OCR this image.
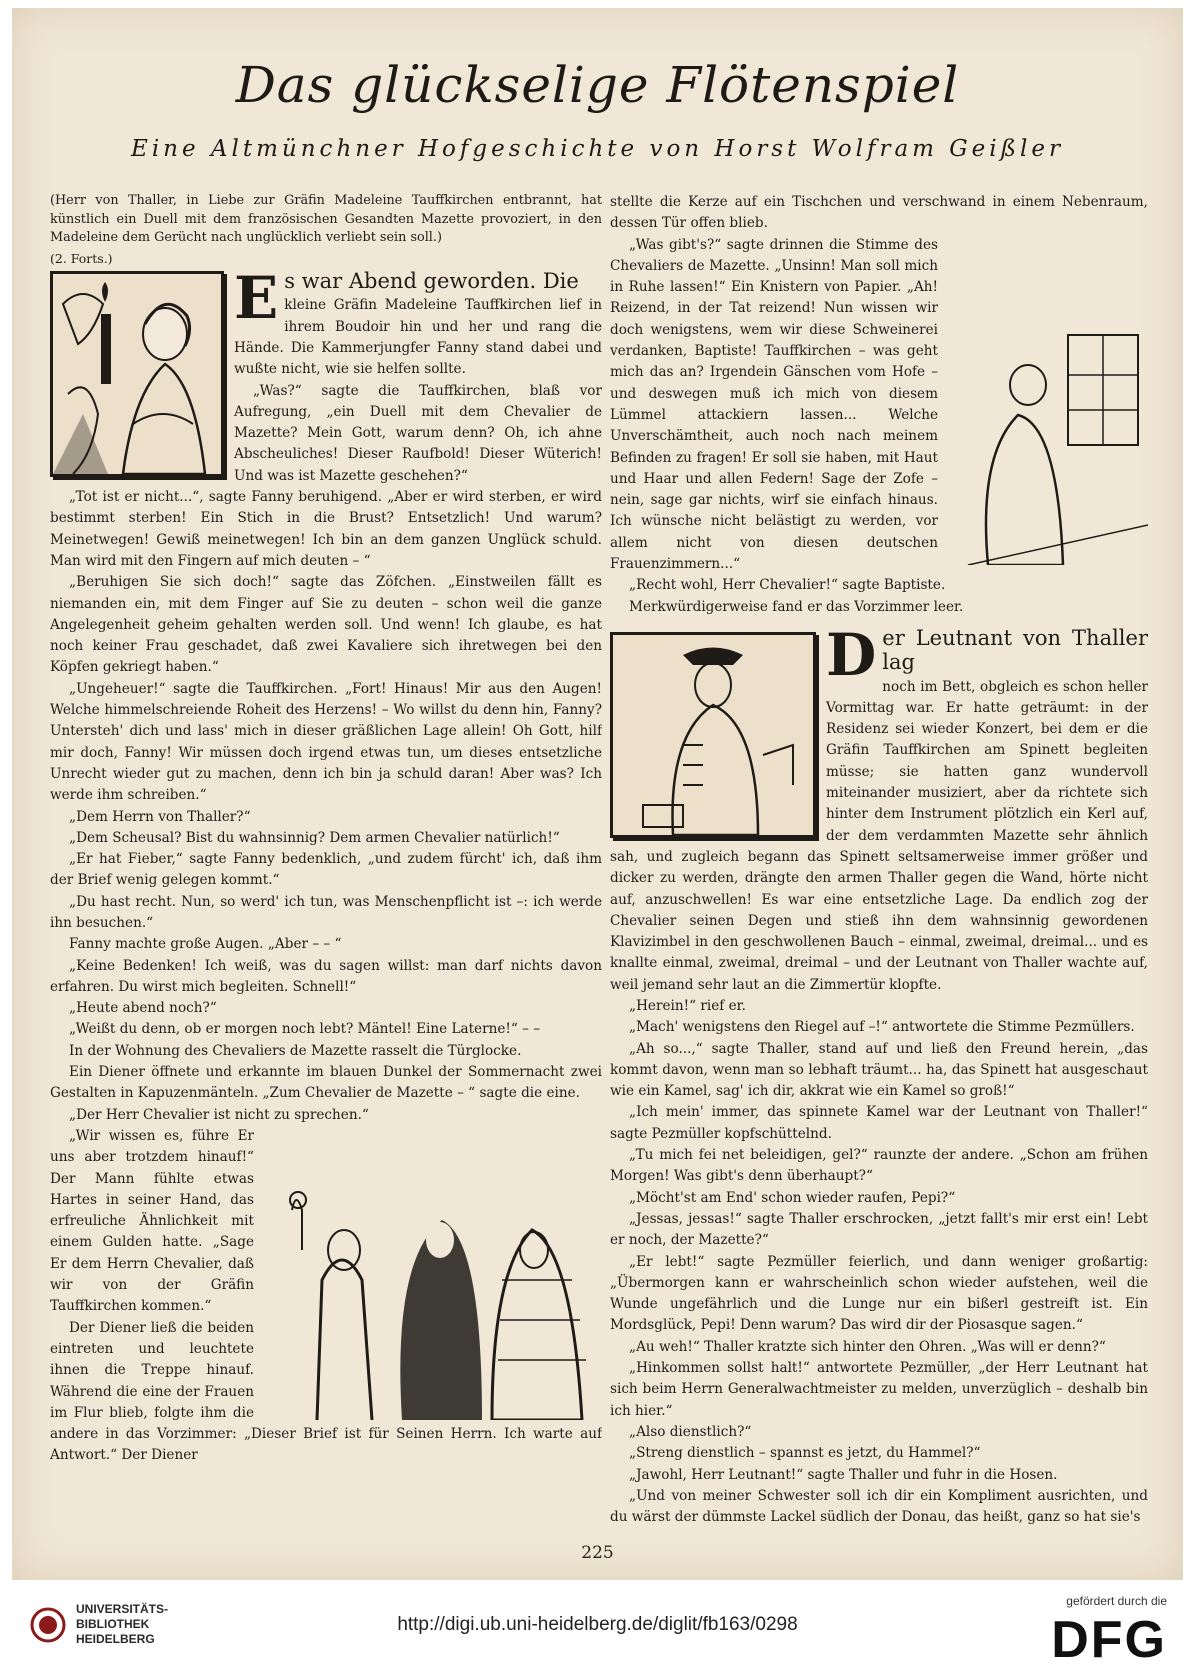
Das glückselige Flötenspiel
Eine Altmünchner Hofgeschichte von Horst Wolfram Geißler

(Herr von Thaller, in Liebe zur Gräfin Madeleine Tauffkirchen entbrannt, hat künstlich ein Duell mit dem französischen Gesandten Mazette provoziert, in den Madeleine dem Gerücht nach unglücklich verliebt sein soll.)

(2. Forts.)

E s war Abend geworden. Die

kleine Gräfin Madeleine Tauffkirchen lief in ihrem Boudoir hin und her und rang die Hände. Die Kammerjungfer Fanny stand dabei und wußte nicht, wie sie helfen sollte.

„Was?“ sagte die Tauffkirchen, blaß vor Aufregung, „ein Duell mit dem Chevalier de Mazette? Mein Gott, warum denn? Oh, ich ahne Abscheuliches! Dieser Raufbold! Dieser Wüterich! Und was ist Mazette geschehen?“

„Tot ist er nicht...“, sagte Fanny beruhigend. „Aber er wird sterben, er wird bestimmt sterben! Ein Stich in die Brust? Entsetzlich! Und warum? Meinetwegen! Gewiß meinetwegen! Ich bin an dem ganzen Unglück schuld. Man wird mit den Fingern auf mich deuten – “

„Beruhigen Sie sich doch!“ sagte das Zöfchen. „Einstweilen fällt es niemanden ein, mit dem Finger auf Sie zu deuten – schon weil die ganze Angelegenheit geheim gehalten werden soll. Und wenn! Ich glaube, es hat noch keiner Frau geschadet, daß zwei Kavaliere sich ihretwegen bei den Köpfen gekriegt haben.“

„Ungeheuer!“ sagte die Tauffkirchen. „Fort! Hinaus! Mir aus den Augen! Welche himmelschreiende Roheit des Herzens! – Wo willst du denn hin, Fanny? Untersteh' dich und lass' mich in dieser gräßlichen Lage allein! Oh Gott, hilf mir doch, Fanny! Wir müssen doch irgend etwas tun, um dieses entsetzliche Unrecht wieder gut zu machen, denn ich bin ja schuld daran! Aber was? Ich werde ihm schreiben.“

„Dem Herrn von Thaller?“

„Dem Scheusal? Bist du wahnsinnig? Dem armen Chevalier natürlich!“

„Er hat Fieber,“ sagte Fanny bedenklich, „und zudem fürcht' ich, daß ihm der Brief wenig gelegen kommt.“

„Du hast recht. Nun, so werd' ich tun, was Menschenpflicht ist –: ich werde ihn besuchen.“

Fanny machte große Augen. „Aber – – “

„Keine Bedenken! Ich weiß, was du sagen willst: man darf nichts davon erfahren. Du wirst mich begleiten. Schnell!“

„Heute abend noch?“

„Weißt du denn, ob er morgen noch lebt? Mäntel! Eine Laterne!“ – –

In der Wohnung des Chevaliers de Mazette rasselt die Türglocke.

Ein Diener öffnete und erkannte im blauen Dunkel der Sommernacht zwei Gestalten in Kapuzenmänteln. „Zum Chevalier de Mazette – “ sagte die eine.

„Der Herr Chevalier ist nicht zu sprechen.“

„Wir wissen es, führe Er uns aber trotzdem hinauf!“ Der Mann fühlte etwas Hartes in seiner Hand, das erfreuliche Ähnlichkeit mit einem Gulden hatte. „Sage Er dem Herrn Chevalier, daß wir von der Gräfin Tauffkirchen kommen.“

Der Diener ließ die beiden eintreten und leuchtete ihnen die Treppe hinauf. Während die eine der Frauen im Flur blieb, folgte ihm die andere in das Vorzimmer: „Dieser Brief ist für Seinen Herrn. Ich warte auf Antwort.“ Der Diener

stellte die Kerze auf ein Tischchen und verschwand in einem Nebenraum, dessen Tür offen blieb.

„Was gibt's?“ sagte drinnen die Stimme des Chevaliers de Mazette. „Unsinn! Man soll mich in Ruhe lassen!“ Ein Knistern von Papier. „Ah! Reizend, in der Tat reizend! Nun wissen wir doch wenigstens, wem wir diese Schweinerei verdanken, Baptiste! Tauffkirchen – was geht mich das an? Irgendein Gänschen vom Hofe – und deswegen muß ich mich von diesem Lümmel attackiern lassen... Welche Unverschämtheit, auch noch nach meinem Befinden zu fragen! Er soll sie haben, mit Haut und Haar und allen Federn! Sage der Zofe – nein, sage gar nichts, wirf sie einfach hinaus. Ich wünsche nicht belästigt zu werden, vor allem nicht von diesen deutschen Frauenzimmern...“

„Recht wohl, Herr Chevalier!“ sagte Baptiste.

Merkwürdigerweise fand er das Vorzimmer leer.

D er Leutnant von Thaller lag

noch im Bett, obgleich es schon heller Vormittag war. Er hatte geträumt: in der Residenz sei wieder Konzert, bei dem er die Gräfin Tauffkirchen am Spinett begleiten müsse; sie hatten ganz wundervoll miteinander musiziert, aber da richtete sich hinter dem Instrument plötzlich ein Kerl auf, der dem verdammten Mazette sehr ähnlich sah, und zugleich begann das Spinett seltsamerweise immer größer und dicker zu werden, drängte den armen Thaller gegen die Wand, hörte nicht auf, anzuschwellen! Es war eine entsetzliche Lage. Da endlich zog der Chevalier seinen Degen und stieß ihn dem wahnsinnig gewordenen Klavizimbel in den geschwollenen Bauch – einmal, zweimal, dreimal... und es knallte einmal, zweimal, dreimal – und der Leutnant von Thaller wachte auf, weil jemand sehr laut an die Zimmertür klopfte.

„Herein!“ rief er.

„Mach' wenigstens den Riegel auf –!“ antwortete die Stimme Pezmüllers.

„Ah so...,“ sagte Thaller, stand auf und ließ den Freund herein, „das kommt davon, wenn man so lebhaft träumt... ha, das Spinett hat ausgeschaut wie ein Kamel, sag' ich dir, akkrat wie ein Kamel so groß!“

„Ich mein' immer, das spinnete Kamel war der Leutnant von Thaller!“ sagte Pezmüller kopfschüttelnd.

„Tu mich fei net beleidigen, gel?“ raunzte der andere. „Schon am frühen Morgen! Was gibt's denn überhaupt?“

„Möcht'st am End' schon wieder raufen, Pepi?“

„Jessas, jessas!“ sagte Thaller erschrocken, „jetzt fallt's mir erst ein! Lebt er noch, der Mazette?“

„Er lebt!“ sagte Pezmüller feierlich, und dann weniger großartig: „Übermorgen kann er wahrscheinlich schon wieder aufstehen, weil die Wunde ungefährlich und die Lunge nur ein bißerl gestreift ist. Ein Mordsglück, Pepi! Denn warum? Das wird dir der Piosasque sagen.“

„Au weh!“ Thaller kratzte sich hinter den Ohren. „Was will er denn?“

„Hinkommen sollst halt!“ antwortete Pezmüller, „der Herr Leutnant hat sich beim Herrn Generalwachtmeister zu melden, unverzüglich – deshalb bin ich hier.“

„Also dienstlich?“

„Streng dienstlich – spannst es jetzt, du Hammel?“

„Jawohl, Herr Leutnant!“ sagte Thaller und fuhr in die Hosen.

„Und von meiner Schwester soll ich dir ein Kompliment ausrichten, und du wärst der dümmste Lackel südlich der Donau, das heißt, ganz so hat sie's

225
UNIVERSITÄTS-
BIBLIOTHEK
HEIDELBERG
http://digi.ub.uni-heidelberg.de/diglit/fb163/0298
gefördert durch die
DFG
